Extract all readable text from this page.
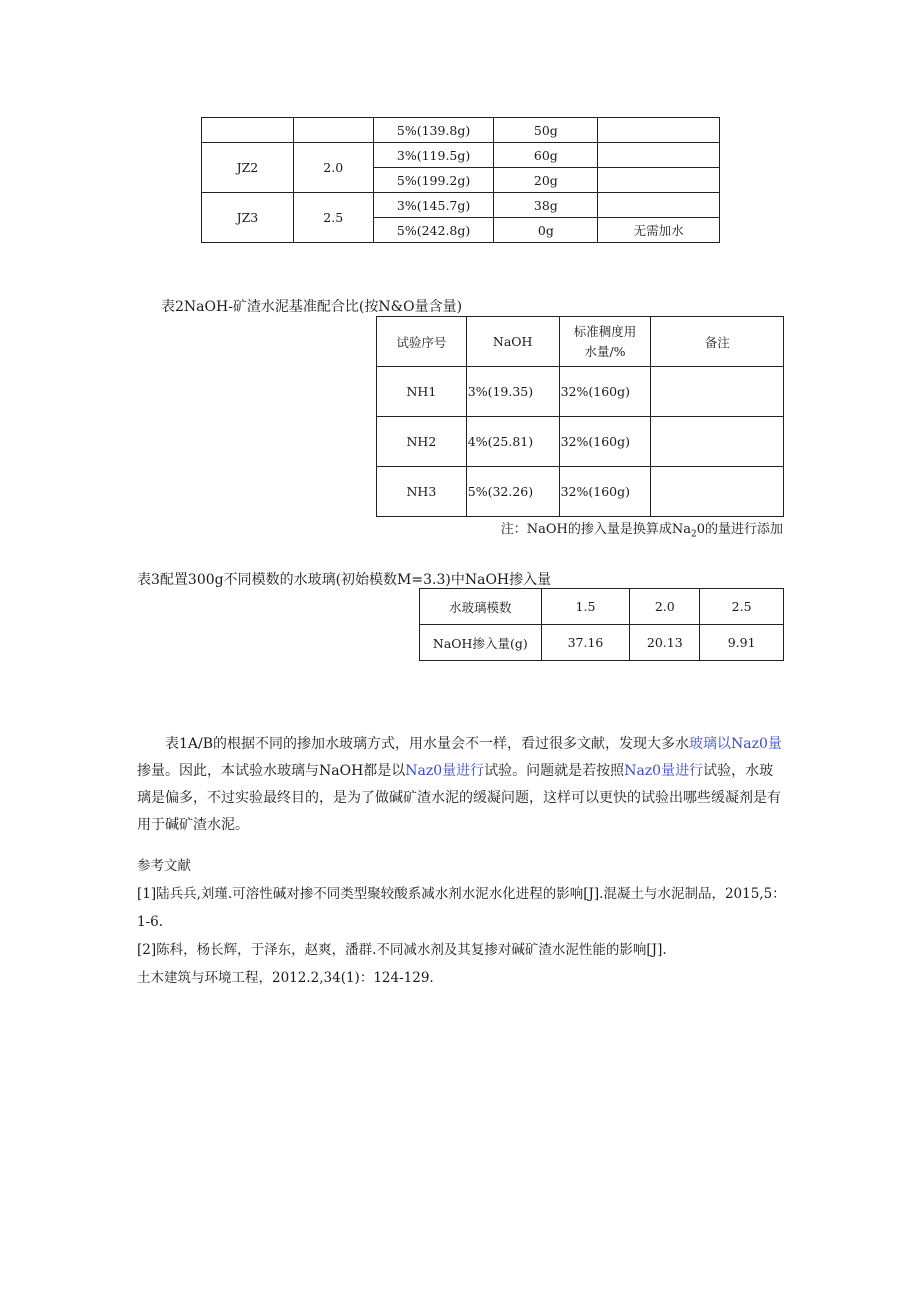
		5%(139.8g)	50g	
JZ2	2.0	3%(119.5g)	60g	
		5%(199.2g)	20g	
JZ3	2.5	3%(145.7g)	38g	
		5%(242.8g)	0g	无需加水
表2NaOH-矿渣水泥基准配合比(按N&O量含量)
试验序号	NaOH	标准稠度用水量/%	备注
NH1	3%(19.35)	32%(160g)	
NH2	4%(25.81)	32%(160g)	
NH3	5%(32.26)	32%(160g)	
注：NaOH的掺入量是换算成$Na_20$的量进行添加
表3配置300g不同模数的水玻璃(初始模数M=3.3)中NaOH掺入量
水玻璃模数	1.5	2.0	2.5
NaOH掺入量(g)	37.16	20.13	9.91

表1A/B的根据不同的掺加水玻璃方式，用水量会不一样，看过很多文献，发现大多水玻璃以Naz0量掺量。因此，本试验水玻璃与NaOH都是以Naz0量进行试验。问题就是若按照Naz0量进行试验，水玻璃是偏多，不过实验最终目的，是为了做碱矿渣水泥的缓凝问题，这样可以更快的试验出哪些缓凝剂是有用于碱矿渣水泥。

参考文献

[1]陆兵兵,刘瑾.可溶性碱对掺不同类型聚较酸系减水剂水泥水化进程的影响[J].混凝土与水泥制品，2015,5：1-6.

[2]陈科，杨长辉，于泽东，赵爽，潘群.不同减水剂及其复掺对碱矿渣水泥性能的影响[J].

土木建筑与环境工程，2012.2,34(1)：124-129.
